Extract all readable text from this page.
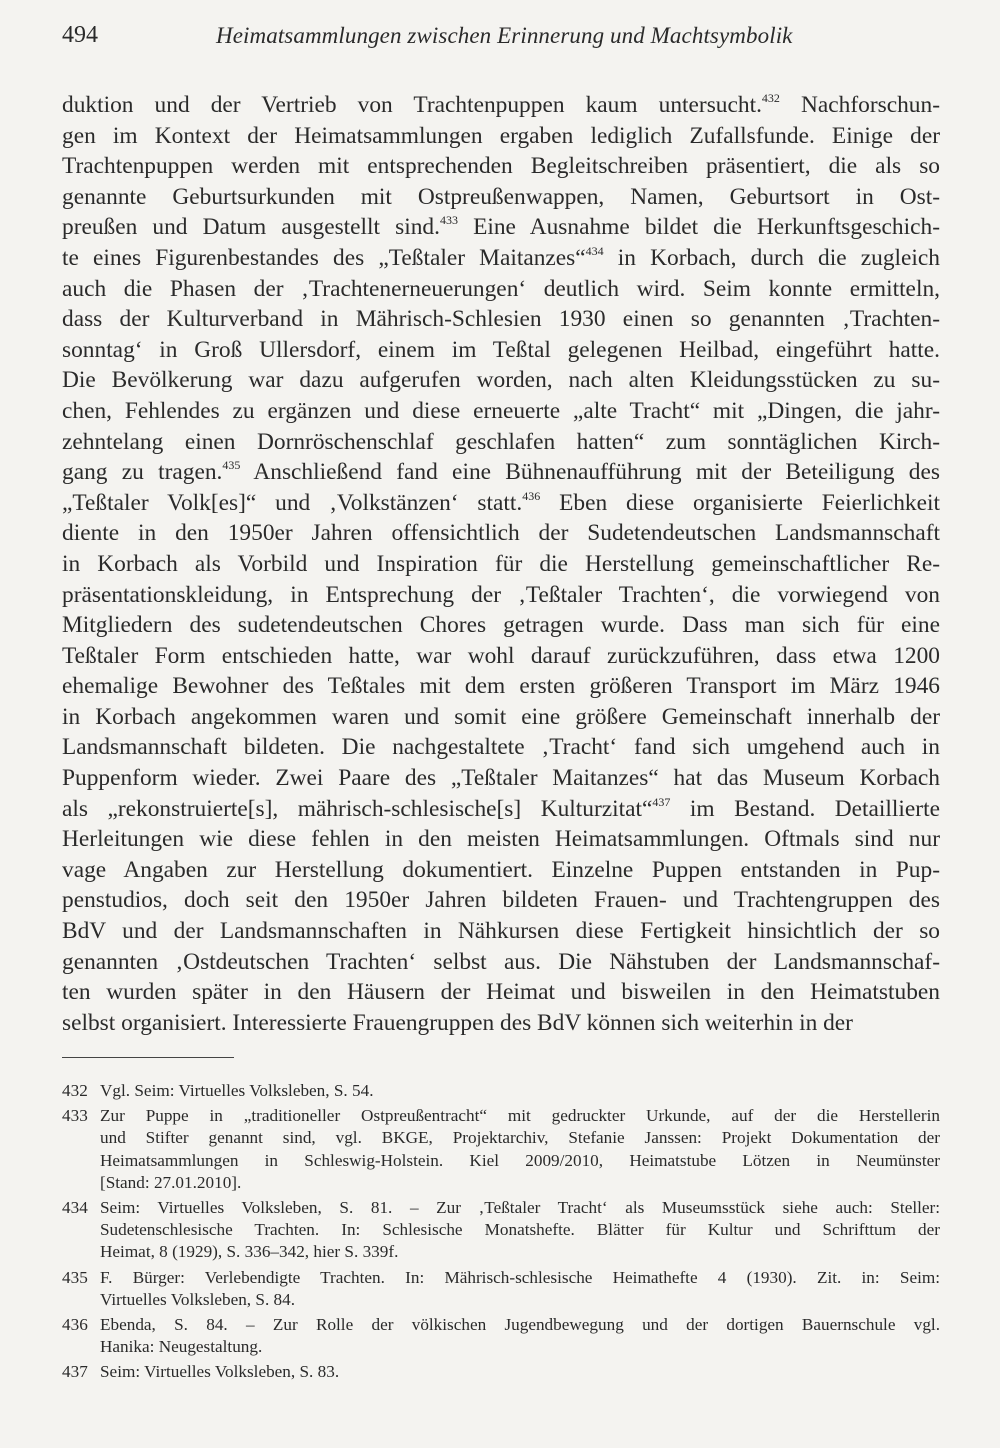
494	Heimatsammlungen zwischen Erinnerung und Machtsymbolik
duktion und der Vertrieb von Trachtenpuppen kaum untersucht.$^{432}$ Nachforschun-
gen im Kontext der Heimatsammlungen ergaben lediglich Zufallsfunde. Einige der
Trachtenpuppen werden mit entsprechenden Begleitschreiben präsentiert, die als so
genannte Geburtsurkunden mit Ostpreußenwappen, Namen, Geburtsort in Ost-
preußen und Datum ausgestellt sind.$^{433}$ Eine Ausnahme bildet die Herkunftsgeschich-
te eines Figurenbestandes des „Teßtaler Maitanzes“$^{434}$ in Korbach, durch die zugleich
auch die Phasen der ‚Trachtenerneuerungen‘ deutlich wird. Seim konnte ermitteln,
dass der Kulturverband in Mährisch-Schlesien 1930 einen so genannten ‚Trachten-
sonntag‘ in Groß Ullersdorf, einem im Teßtal gelegenen Heilbad, eingeführt hatte.
Die Bevölkerung war dazu aufgerufen worden, nach alten Kleidungsstücken zu su-
chen, Fehlendes zu ergänzen und diese erneuerte „alte Tracht“ mit „Dingen, die jahr-
zehntelang einen Dornröschenschlaf geschlafen hatten“ zum sonntäglichen Kirch-
gang zu tragen.$^{435}$ Anschließend fand eine Bühnenaufführung mit der Beteiligung des
„Teßtaler Volk[es]“ und ‚Volkstänzen‘ statt.$^{436}$ Eben diese organisierte Feierlichkeit
diente in den 1950er Jahren offensichtlich der Sudetendeutschen Landsmannschaft
in Korbach als Vorbild und Inspiration für die Herstellung gemeinschaftlicher Re-
präsentationskleidung, in Entsprechung der ‚Teßtaler Trachten‘, die vorwiegend von
Mitgliedern des sudetendeutschen Chores getragen wurde. Dass man sich für eine
Teßtaler Form entschieden hatte, war wohl darauf zurückzuführen, dass etwa 1200
ehemalige Bewohner des Teßtales mit dem ersten größeren Transport im März 1946
in Korbach angekommen waren und somit eine größere Gemeinschaft innerhalb der
Landsmannschaft bildeten. Die nachgestaltete ‚Tracht‘ fand sich umgehend auch in
Puppenform wieder. Zwei Paare des „Teßtaler Maitanzes“ hat das Museum Korbach
als „rekonstruierte[s], mährisch-schlesische[s] Kulturzitat“$^{437}$ im Bestand. Detaillierte
Herleitungen wie diese fehlen in den meisten Heimatsammlungen. Oftmals sind nur
vage Angaben zur Herstellung dokumentiert. Einzelne Puppen entstanden in Pup-
penstudios, doch seit den 1950er Jahren bildeten Frauen- und Trachtengruppen des
BdV und der Landsmannschaften in Nähkursen diese Fertigkeit hinsichtlich der so
genannten ‚Ostdeutschen Trachten‘ selbst aus. Die Nähstuben der Landsmannschaf-
ten wurden später in den Häusern der Heimat und bisweilen in den Heimatstuben
selbst organisiert. Interessierte Frauengruppen des BdV können sich weiterhin in der
432 Vgl. Seim: Virtuelles Volksleben, S. 54.
433 Zur Puppe in „traditioneller Ostpreußentracht“ mit gedruckter Urkunde, auf der die Herstellerin
und Stifter genannt sind, vgl. BKGE, Projektarchiv, Stefanie Janssen: Projekt Dokumentation der
Heimatsammlungen in Schleswig-Holstein. Kiel 2009/2010, Heimatstube Lötzen in Neumünster
[Stand: 27.01.2010].
434 Seim: Virtuelles Volksleben, S. 81. – Zur ‚Teßtaler Tracht‘ als Museumsstück siehe auch: Steller:
Sudetenschlesische Trachten. In: Schlesische Monatshefte. Blätter für Kultur und Schrifttum der
Heimat, 8 (1929), S. 336–342, hier S. 339f.
435 F. Bürger: Verlebendigte Trachten. In: Mährisch-schlesische Heimathefte 4 (1930). Zit. in: Seim:
Virtuelles Volksleben, S. 84.
436 Ebenda, S. 84. – Zur Rolle der völkischen Jugendbewegung und der dortigen Bauernschule vgl.
Hanika: Neugestaltung.
437 Seim: Virtuelles Volksleben, S. 83.
